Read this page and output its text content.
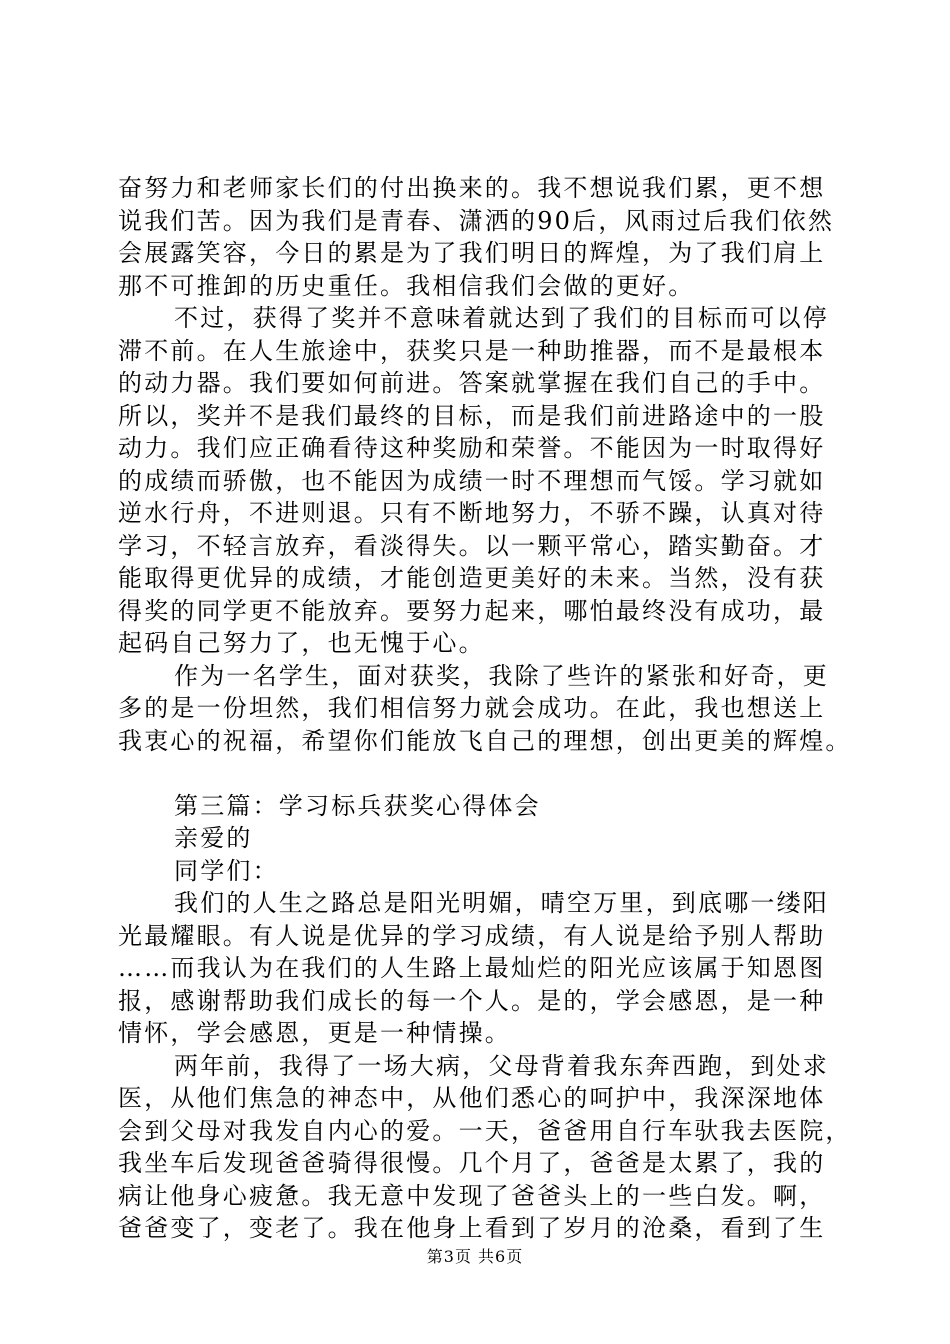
奋努力和老师家长们的付出换来的。我不想说我们累，更不想
说我们苦。因为我们是青春、潇洒的90后，风雨过后我们依然
会展露笑容，今日的累是为了我们明日的辉煌，为了我们肩上
那不可推卸的历史重任。我相信我们会做的更好。
不过，获得了奖并不意味着就达到了我们的目标而可以停
滞不前。在人生旅途中，获奖只是一种助推器，而不是最根本
的动力器。我们要如何前进。答案就掌握在我们自己的手中。
所以，奖并不是我们最终的目标，而是我们前进路途中的一股
动力。我们应正确看待这种奖励和荣誉。不能因为一时取得好
的成绩而骄傲，也不能因为成绩一时不理想而气馁。学习就如
逆水行舟，不进则退。只有不断地努力，不骄不躁，认真对待
学习，不轻言放弃，看淡得失。以一颗平常心，踏实勤奋。才
能取得更优异的成绩，才能创造更美好的未来。当然，没有获
得奖的同学更不能放弃。要努力起来，哪怕最终没有成功，最
起码自己努力了，也无愧于心。
作为一名学生，面对获奖，我除了些许的紧张和好奇，更
多的是一份坦然，我们相信努力就会成功。在此，我也想送上
我衷心的祝福，希望你们能放飞自己的理想，创出更美的辉煌。
第三篇：学习标兵获奖心得体会
亲爱的
同学们：
我们的人生之路总是阳光明媚，晴空万里，到底哪一缕阳
光最耀眼。有人说是优异的学习成绩，有人说是给予别人帮助
……而我认为在我们的人生路上最灿烂的阳光应该属于知恩图
报，感谢帮助我们成长的每一个人。是的，学会感恩，是一种
情怀，学会感恩，更是一种情操。
两年前，我得了一场大病，父母背着我东奔西跑，到处求
医，从他们焦急的神态中，从他们悉心的呵护中，我深深地体
会到父母对我发自内心的爱。一天，爸爸用自行车驮我去医院，
我坐车后发现爸爸骑得很慢。几个月了，爸爸是太累了，我的
病让他身心疲惫。我无意中发现了爸爸头上的一些白发。啊，
爸爸变了，变老了。我在他身上看到了岁月的沧桑，看到了生
第3页 共6页
